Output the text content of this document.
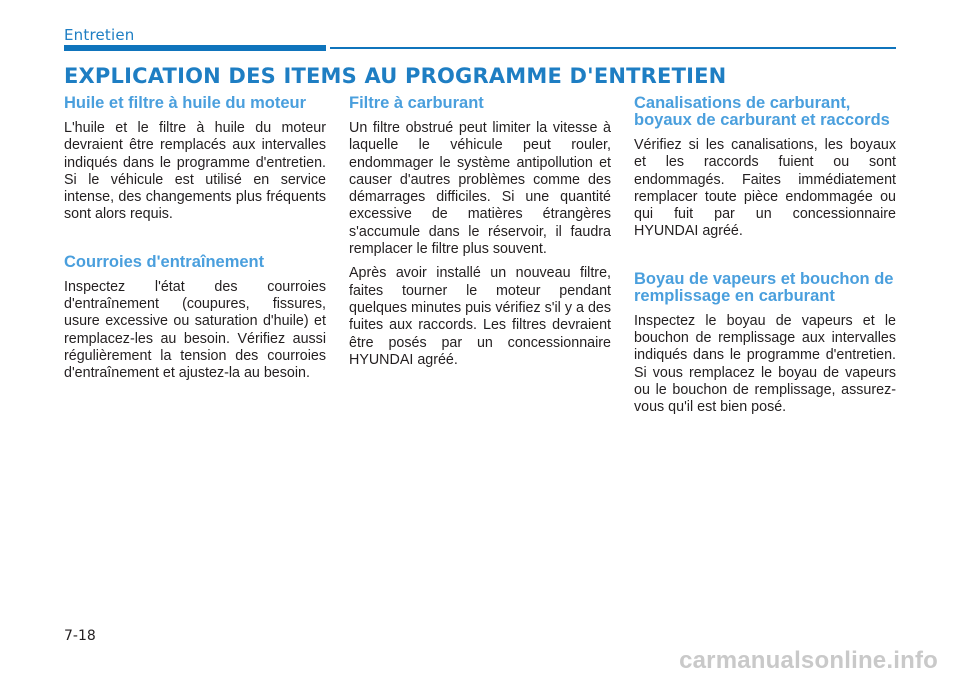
Entretien
EXPLICATION DES ITEMS AU PROGRAMME D'ENTRETIEN
Huile et filtre à huile du moteur

L'huile et le filtre à huile du moteur devraient être remplacés aux intervalles indiqués dans le programme d'entretien. Si le véhicule est utilisé en service intense, des changements plus fréquents sont alors requis.

Courroies d'entraînement

Inspectez l'état des courroies d'entraînement (coupures, fissures, usure excessive ou saturation d'huile) et remplacez-les au besoin. Vérifiez aussi régulièrement la tension des courroies d'entraînement et ajustez-la au besoin.

Filtre à carburant

Un filtre obstrué peut limiter la vitesse à laquelle le véhicule peut rouler, endommager le système antipollution et causer d'autres problèmes comme des démarrages difficiles. Si une quantité excessive de matières étrangères s'accumule dans le réservoir, il faudra remplacer le filtre plus souvent.

Après avoir installé un nouveau filtre, faites tourner le moteur pendant quelques minutes puis vérifiez s'il y a des fuites aux raccords. Les filtres devraient être posés par un concessionnaire HYUNDAI agréé.

Canalisations de carburant, boyaux de carburant et raccords

Vérifiez si les canalisations, les boyaux et les raccords fuient ou sont endommagés. Faites immédiatement remplacer toute pièce endommagée ou qui fuit par un concessionnaire HYUNDAI agréé.

Boyau de vapeurs et bouchon de remplissage en carburant

Inspectez le boyau de vapeurs et le bouchon de remplissage aux intervalles indiqués dans le programme d'entretien. Si vous remplacez le boyau de vapeurs ou le bouchon de remplissage, assurez-vous qu'il est bien posé.

7-18
carmanualsonline.info
